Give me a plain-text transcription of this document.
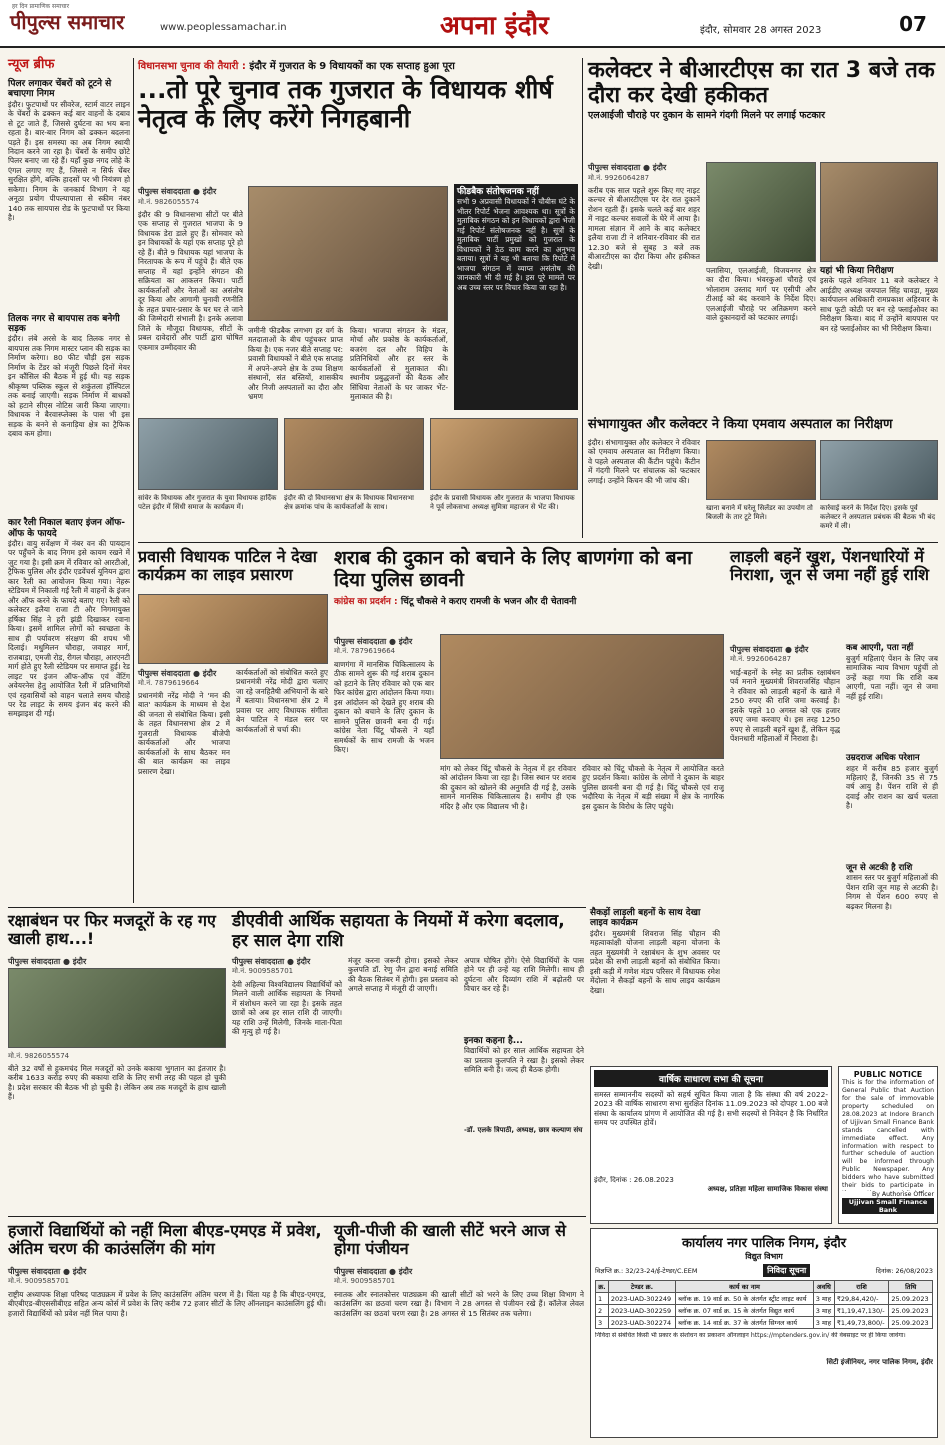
हर दिन प्रामाणिक समाचार
पीपुल्स समाचार	www.peoplessamachar.in	अपना इंदौर	इंदौर, सोमवार 28 अगस्त 2023	07
न्यूज ब्रीफ
पिलर लगाकर चेंबरों को टूटने से बचाएगा निगम
इंदौर। फुटपाथों पर सीवरेज, स्टार्म वाटर लाइन के चेंबरों के ढक्कन कई बार वाहनों के दबाव से टूट जाते हैं, जिससे दुर्घटना का भय बना रहता है। बार-बार निगम को ढक्कन बदलना पड़ते हैं। इस समस्या का अब निगम स्थायी निदान करने जा रहा है। चेंबरों के समीप छोटे पिलर बनाए जा रहे हैं। यहाँ कुछ नगद लोहे के एंगल लगाए गए हैं, जिससे न सिर्फ चेंबर सुरक्षित होंगे, बल्कि हादसों पर भी नियंत्रण हो सकेगा। निगम के जनकार्य विभाग ने यह अनूठा प्रयोग पीपल्यापाला से स्कीम नंबर 140 तक सायपास रोड के फुटपाथों पर किया है।
तिलक नगर से बायपास तक बनेगी सड़क
इंदौर। लंबे अरसे के बाद तिलक नगर से बायपास तक निगम मास्टर प्लान की सड़क का निर्माण करेगा। 80 फीट चौड़ी इस सड़क निर्माण के टेंडर को मंजूरी पिछले दिनों मेयर इन कौंसिल की बैठक में हुई थी। यह सड़क श्रीकृष्ण पब्लिक स्कूल से शकुंतला हॉस्पिटल तक बनाई जाएगी। सड़क निर्माण में बाधकों को हटाने सीएस नोटिस जारी किया जाएगा। विधायक ने बैरवास्प्लेक्स के पास भी इस सड़क के बनने से कनाड़िया क्षेत्र का ट्रैफिक दबाव कम होगा।
कार रैली निकाल बताए इंजन ऑफ-ऑफ के फायदे
इंदौर। वायु सर्वेक्षण में नंबर वन की पायदान पर पहुँचने के बाद निगम इसे कायम रखने में जुट गया है। इसी क्रम में रविवार को आरटीओ, ट्रैफिक पुलिस और इंदौर एडवेंचर्स यूनियन द्वारा कार रैली का आयोजन किया गया। नेहरू स्टेडियम में निकाली गई रैली में वाहनों के इंजन और ऑफ करने के फायदे बताए गए। रैली को कलेक्टर इलैया राजा टी और निगमायुक्त हर्षिका सिंह ने हरी झंडी दिखाकर रवाना किया। इसमें शामिल लोगों को स्वच्छता के साथ ही पर्यावरण संरक्षण की शपथ भी दिलाई। मधुमिलन चौराहा, जवाहर मार्ग, राजबाड़ा, एमजी रोड, रीगल चौराहा, आरएनटी मार्ग होते हुए रैली स्टेडियम पर समाप्त हुई। रेड लाइट पर इंजन ऑफ-ऑफ एवं वेंटिंग अवेयरनेस हेतु आयोजित रैली में प्रतिभागियों एवं रहवासियों को वाहन चलाते समय चौराहे पर रेड लाइट के समय इंजन बंद करने की समझाइश दी गई।
विधानसभा चुनाव की तैयारी : इंदौर में गुजरात के 9 विधायकों का एक सप्ताह हुआ पूरा
...तो पूरे चुनाव तक गुजरात के विधायक शीर्ष नेतृत्व के लिए करेंगे निगहबानी
पीपुल्स संवाददाता ● इंदौर
मो.नं. 9826055574
इंदौर की 9 विधानसभा सीटों पर बीते एक सप्ताह से गुजरात भाजपा के 9 विधायक डेरा डाले हुए हैं। सोमवार को इन विधायकों के यहां एक सप्ताह पूरे हो रहे हैं। बीते 9 विधायक यहां भाजपा के निरतापक के रूप में पहुंचे हैं। बीते एक सप्ताह में यहां इन्होंने संगठन की सक्रियता का आकलन किया। पार्टी कार्यकर्ताओं और नेताओं का असंतोष दूर किया और आगामी चुनावी रणनीति के तहत प्रचार-प्रसार के घर घर ले जाने की जिम्मेदारी संभाली है। इनके अलावा जिले के मौजूदा विधायक, सीटों के प्रबल दावेदारों और पार्टी द्वारा घोषित एकमात्र उम्मीदवार की
जमीनी फीडबैक लगभग हर वर्ग के मतदाताओं के बीच पहुंचकर प्राप्त किया है। एक नजर बीते सप्ताह पर: प्रवासी विधायकों ने बीते एक सप्ताह में अपने-अपने क्षेत्र के उच्च शिक्षण संस्थानों, संत बस्तियों, शासकीय और निजी अस्पतालों का दौरा और भ्रमण
किया। भाजपा संगठन के मंडल, मोर्चा और प्रकोष्ठ के कार्यकर्ताओं, बजरंग दल और विहिप के प्रतिनिधियों और हर स्तर के कार्यकर्ताओं से मुलाकात की। स्थानीय प्रबुद्धजनों की बैठक और सिंधिया नेताओं के घर जाकर भेंट-मुलाकात की है।
फीडबैक संतोषजनक नहीं
सभी 9 अप्रवासी विधायकों ने चौबीस घंटे के भीतर रिपोर्ट भेजना आवश्यक था। सूत्रों के मुताबिक संगठन को इन विधायकों द्वारा भेजी गई रिपोर्ट संतोषजनक नहीं है। सूत्रों के मुताबिक पार्टी प्रमुखों को गुजरात के विधायकों ने ठेठ काम करने का अनुभव बताया। सूत्रों ने यह भी बताया कि रिपोर्ट में भाजपा संगठन में व्याप्त असंतोष की जानकारी भी दी गई है। इस पूरे मामले पर अब उच्च स्तर पर विचार किया जा रहा है।
सांवेर के विधायक और गुजरात के युवा विधायक हार्दिक पटेल इंदौर में सिंधी समाज के कार्यक्रम में।
इंदौर की दो विधानसभा क्षेत्र के विधायक विधानसभा क्षेत्र क्रमांक पांच के कार्यकर्ताओं के साथ।
इंदौर के प्रवासी विधायक और गुजरात के भाजपा विधायक ने पूर्व लोकसभा अध्यक्ष सुमित्रा महाजन से भेंट की।
कलेक्टर ने बीआरटीएस का रात 3 बजे तक दौरा कर देखी हकीकत
एलआईजी चौराहे पर दुकान के सामने गंदगी मिलने पर लगाई फटकार
पीपुल्स संवाददाता ● इंदौर
मो.नं. 9926064287
करीब एक साल पहले शुरू किए गए नाइट कल्चर से बीआरटीएस पर देर रात दुकानें रोशन रहती हैं। इसके चलते कई बार शहर में नाइट कल्चर सवालों के घेरे में आया है। मामला संज्ञान में आने के बाद कलेक्टर इलैया राजा टी ने शनिवार-रविवार की रात 12.30 बजे से सुबह 3 बजे तक बीआरटीएस का दौरा किया और हकीकत देखी।	पलासिया, एलआईजी, विजयनगर क्षेत्र का दौरा किया। भंवरकुआं चौराहे एवं भोलाराम उस्ताद मार्ग पर एसीपी और टीआई को बंद करवाने के निर्देश दिए। एलआईजी चौराहे पर अतिक्रमण करने वाले दुकानदारों को फटकार लगाई।
यहां भी किया निरीक्षण
इसके पहले शनिवार 11 बजे कलेक्टर ने आईडीए अध्यक्ष जयपाल सिंह चावड़ा, मुख्य कार्यपालन अधिकारी रामप्रकाश अहिरवार के साथ फूटी कोठी पर बन रहे फ्लाईओवर का निरीक्षण किया। बाद में उन्होंने बायपास पर बन रहे फ्लाईओवर का भी निरीक्षण किया।
संभागायुक्त और कलेक्टर ने किया एमवाय अस्पताल का निरीक्षण
इंदौर। संभागायुक्त और कलेक्टर ने रविवार को एमवाय अस्पताल का निरीक्षण किया। वे पहले अस्पताल की कैंटीन पहुंचे। कैंटीन में गंदगी मिलने पर संचालक को फटकार लगाई। उन्होंने किचन की भी जांच की।
खाना बनाने में घरेलू सिलेंडर का उपयोग तो बिजली के तार टूटे मिले।
कार्रवाई करने के निर्देश दिए। इसके पूर्व कलेक्टर ने अस्पताल प्रबंधक की बैठक भी बंद कमरे में ली।
प्रवासी विधायक पाटिल ने देखा कार्यक्रम का लाइव प्रसारण
पीपुल्स संवाददाता ● इंदौर
मो.नं. 7879619664
प्रधानमंत्री नरेंद्र मोदी ने 'मन की बात' कार्यक्रम के माध्यम से देश की जनता से संबोधित किया। इसी के तहत विधानसभा क्षेत्र 2 में गुजराती विधायक बीजेपी कार्यकर्ताओं और भाजपा कार्यकर्ताओं के साथ बैठकर मन की बात कार्यक्रम का लाइव प्रसारण देखा।
कार्यकर्ताओं को संबोधित करते हुए प्रधानमंत्री नरेंद्र मोदी द्वारा चलाए जा रहे जनहितैषी अभियानों के बारे में बताया। विधानसभा क्षेत्र 2 में प्रवास पर आए विधायक संगीता बेन पाटिल ने मंडल स्तर पर कार्यकर्ताओं से चर्चा की।
शराब की दुकान को बचाने के लिए बाणगंगा को बना दिया पुलिस छावनी
कांग्रेस का प्रदर्शन : चिंटू चौकसे ने कराए रामजी के भजन और दी चेतावनी
पीपुल्स संवाददाता ● इंदौर
मो.नं. 7879619664
बाणगंगा में मानसिक चिकित्सालय के ठीक सामने शुरू की गई शराब दुकान को हटाने के लिए रविवार को एक बार फिर कांग्रेस द्वारा आंदोलन किया गया। इस आंदोलन को देखते हुए शराब की दुकान को बचाने के लिए दुकान के सामने पुलिस छावनी बना दी गई। कांग्रेस नेता चिंटू चौकसे ने यहाँ समर्थकों के साथ रामजी के भजन किए।
मांग को लेकर चिंटू चौकसे के नेतृत्व में हर रविवार को आंदोलन किया जा रहा है। जिस स्थान पर शराब की दुकान को खोलने की अनुमति दी गई है, उसके सामने मानसिक चिकित्सालय है। समीप ही एक मंदिर है और एक विद्यालय भी है।
रविवार को चिंटू चौकसे के नेतृत्व में आयोजित करते हुए प्रदर्शन किया। कांग्रेस के लोगों ने दुकान के बाहर पुलिस छावनी बना दी गई है। चिंटू चौकसे एवं राजू भदौरिया के नेतृत्व में बड़ी संख्या में क्षेत्र के नागरिक इस दुकान के विरोध के लिए पहुंचे।
लाड़ली बहनें खुश, पेंशनधारियों में निराशा, जून से जमा नहीं हुई राशि
पीपुल्स संवाददाता ● इंदौर
मो.नं. 9926064287
भाई-बहनों के स्नेह का प्रतीक रक्षाबंधन पर्व मनाने मुख्यमंत्री शिवराजसिंह चौहान ने रविवार को लाड़ली बहनों के खाते में 250 रुपए की राशि जमा करवाई है। इसके पहले 10 अगस्त को एक हजार रुपए जमा करवाए थे। इस तरह 1250 रुपए से लाड़ली बहनें खुश हैं, लेकिन वृद्ध पेंशनधारी महिलाओं में निराशा है।
कब आएगी, पता नहीं
बुजुर्ग महिलाएं पेंशन के लिए जब सामाजिक न्याय विभाग पहुंचीं तो उन्हें कहा गया कि राशि कब आएगी, पता नहीं। जून से जमा नहीं हुई राशि।
उम्रदराज अधिक परेशान
शहर में करीब 85 हजार बुजुर्ग महिलाएं हैं, जिनकी 35 से 75 वर्ष आयु है। पेंशन राशि से ही दवाई और राशन का खर्च चलता है।
जून से अटकी है राशि
शासन स्तर पर बुजुर्ग महिलाओं की पेंशन राशि जून माह से अटकी है। निगम से पेंशन 600 रुपए से बढ़कर मिलना है।
सैकड़ों लाड़ली बहनों के साथ देखा लाइव कार्यक्रम
इंदौर। मुख्यमंत्री शिवराज सिंह चौहान की महत्वाकांक्षी योजना लाड़ली बहना योजना के तहत मुख्यमंत्री ने रक्षाबंधन के शुभ अवसर पर प्रदेश की सभी लाड़ली बहनों को संबोधित किया। इसी कड़ी में गणेश मंडप परिसर में विधायक रमेश मेंदोला ने सैकड़ों बहनों के साथ लाइव कार्यक्रम देखा।
रक्षाबंधन पर फिर मजदूरों के रह गए खाली हाथ...!
पीपुल्स संवाददाता ● इंदौर
मो.नं. 9826055574
बीते 32 वर्षों से हुकमचंद मिल मजदूरों को उनके बकाया भुगतान का इंतजार है। करीब 1633 करोड़ रुपए की बकाया राशि के लिए सभी तरह की पहल हो चुकी है। प्रदेश सरकार की बैठक भी हो चुकी है। लेकिन अब तक मजदूरों के हाथ खाली हैं।
डीएवीवी आर्थिक सहायता के नियमों में करेगा बदलाव, हर साल देगा राशि
पीपुल्स संवाददाता ● इंदौर
मो.नं. 9009585701
देवी अहिल्या विश्वविद्यालय विद्यार्थियों को मिलने वाली आर्थिक सहायता के नियमों में संशोधन करने जा रहा है। इसके तहत छात्रों को अब हर साल राशि दी जाएगी। यह राशि उन्हें मिलेगी, जिनके माता-पिता की मृत्यु हो गई है।
मंजूर करना जरूरी होगा। इसको लेकर कुलपति डॉ. रेणु जैन द्वारा बनाई समिति की बैठक सितंबर में होगी। इस प्रस्ताव को अगले सप्ताह में मंजूरी दी जाएगी।
अपात्र घोषित होंगे। ऐसे विद्यार्थियों के पास होने पर ही उन्हें यह राशि मिलेगी। साथ ही दुर्घटना और दिव्यांग राशि में बढ़ोतरी पर विचार कर रहे हैं।
इनका कहना है...
विद्यार्थियों को हर साल आर्थिक सहायता देने का प्रस्ताव कुलपति ने रखा है। इसको लेकर समिति बनी है। जल्द ही बैठक होगी।
-डॉ. एलके त्रिपाठी, अध्यक्ष, छात्र कल्याण संघ
वार्षिक साधारण सभा की सूचना
समस्त सम्माननीय सदस्यों को सहर्ष सूचित किया जाता है कि संस्था की वर्ष 2022-2023 की वार्षिक साधारण सभा सुरक्षित दिनांक 11.09.2023 को दोपहर 1.00 बजे संस्था के कार्यालय प्रांगण में आयोजित की गई है। सभी सदस्यों से निवेदन है कि निर्धारित समय पर उपस्थित होवें।
इंदौर, दिनांक : 26.08.2023
अध्यक्ष, प्रतिज्ञा महिला सामाजिक विकास संस्था
PUBLIC NOTICE
This is for the information of General Public that Auction for the sale of immovable property scheduled on 28.08.2023 at Indore Branch of Ujjivan Small Finance Bank stands cancelled with immediate effect. Any information with respect to further schedule of auction will be informed through Public Newspaper. Any bidders who have submitted their bids to participate in
By Authorise Officer
Ujjivan Small Finance Bank
हजारों विद्यार्थियों को नहीं मिला बीएड-एमएड में प्रवेश, अंतिम चरण की काउंसलिंग की मांग
पीपुल्स संवाददाता ● इंदौर
मो.नं. 9009585701
राष्ट्रीय अध्यापक शिक्षा परिषद पाठ्यक्रम में प्रवेश के लिए काउंसलिंग अंतिम चरण में है। चिंता यह है कि बीएड-एमएड, बीएबीएड-बीएससीबीएड सहित अन्य कोर्स में प्रवेश के लिए करीब 72 हजार सीटों के लिए ऑनलाइन काउंसलिंग हुई थी। हजारों विद्यार्थियों को प्रवेश नहीं मिल पाया है।
यूजी-पीजी की खाली सीटें भरने आज से होगा पंजीयन
पीपुल्स संवाददाता ● इंदौर
मो.नं. 9009585701
स्नातक और स्नातकोत्तर पाठ्यक्रम की खाली सीटों को भरने के लिए उच्च शिक्षा विभाग ने काउंसलिंग का छठवां चरण रखा है। विभाग ने 28 अगस्त से पंजीयन रखे हैं। कॉलेज लेवल काउंसलिंग का छठवां चरण रखा है। 28 अगस्त से 15 सितंबर तक चलेगा।
कार्यालय नगर पालिक निगम, इंदौर
विद्युत विभाग
विज्ञप्ति क्र.: 32/23-24/ई-टेण्डर/C.EEM	निविदा सूचना	दिनांक: 26/08/2023
क्र.	टेण्डर क्र.	कार्य का नाम	अवधि	राशि	तिथि
1	2023-UAD-302249	ब्लॉक क्र. 19 वार्ड क्र. 50 के अंतर्गत स्ट्रीट लाइट कार्य	3 माह	₹29,84,420/-	25.09.2023
2	2023-UAD-302259	ब्लॉक क्र. 07 वार्ड क्र. 15 के अंतर्गत विद्युत कार्य	3 माह	₹1,19,47,130/-	25.09.2023
3	2023-UAD-302274	ब्लॉक क्र. 14 वार्ड क्र. 37 के अंतर्गत सिग्नल कार्य	3 माह	₹1,49,73,800/-	25.09.2023
निविदा से संबंधित किसी भी प्रकार के संशोधन का प्रकाशन ऑनलाइन https://mptenders.gov.in/ की वेबसाइट पर ही किया जावेगा।
सिटी इंजीनियर, नगर पालिक निगम, इंदौर
